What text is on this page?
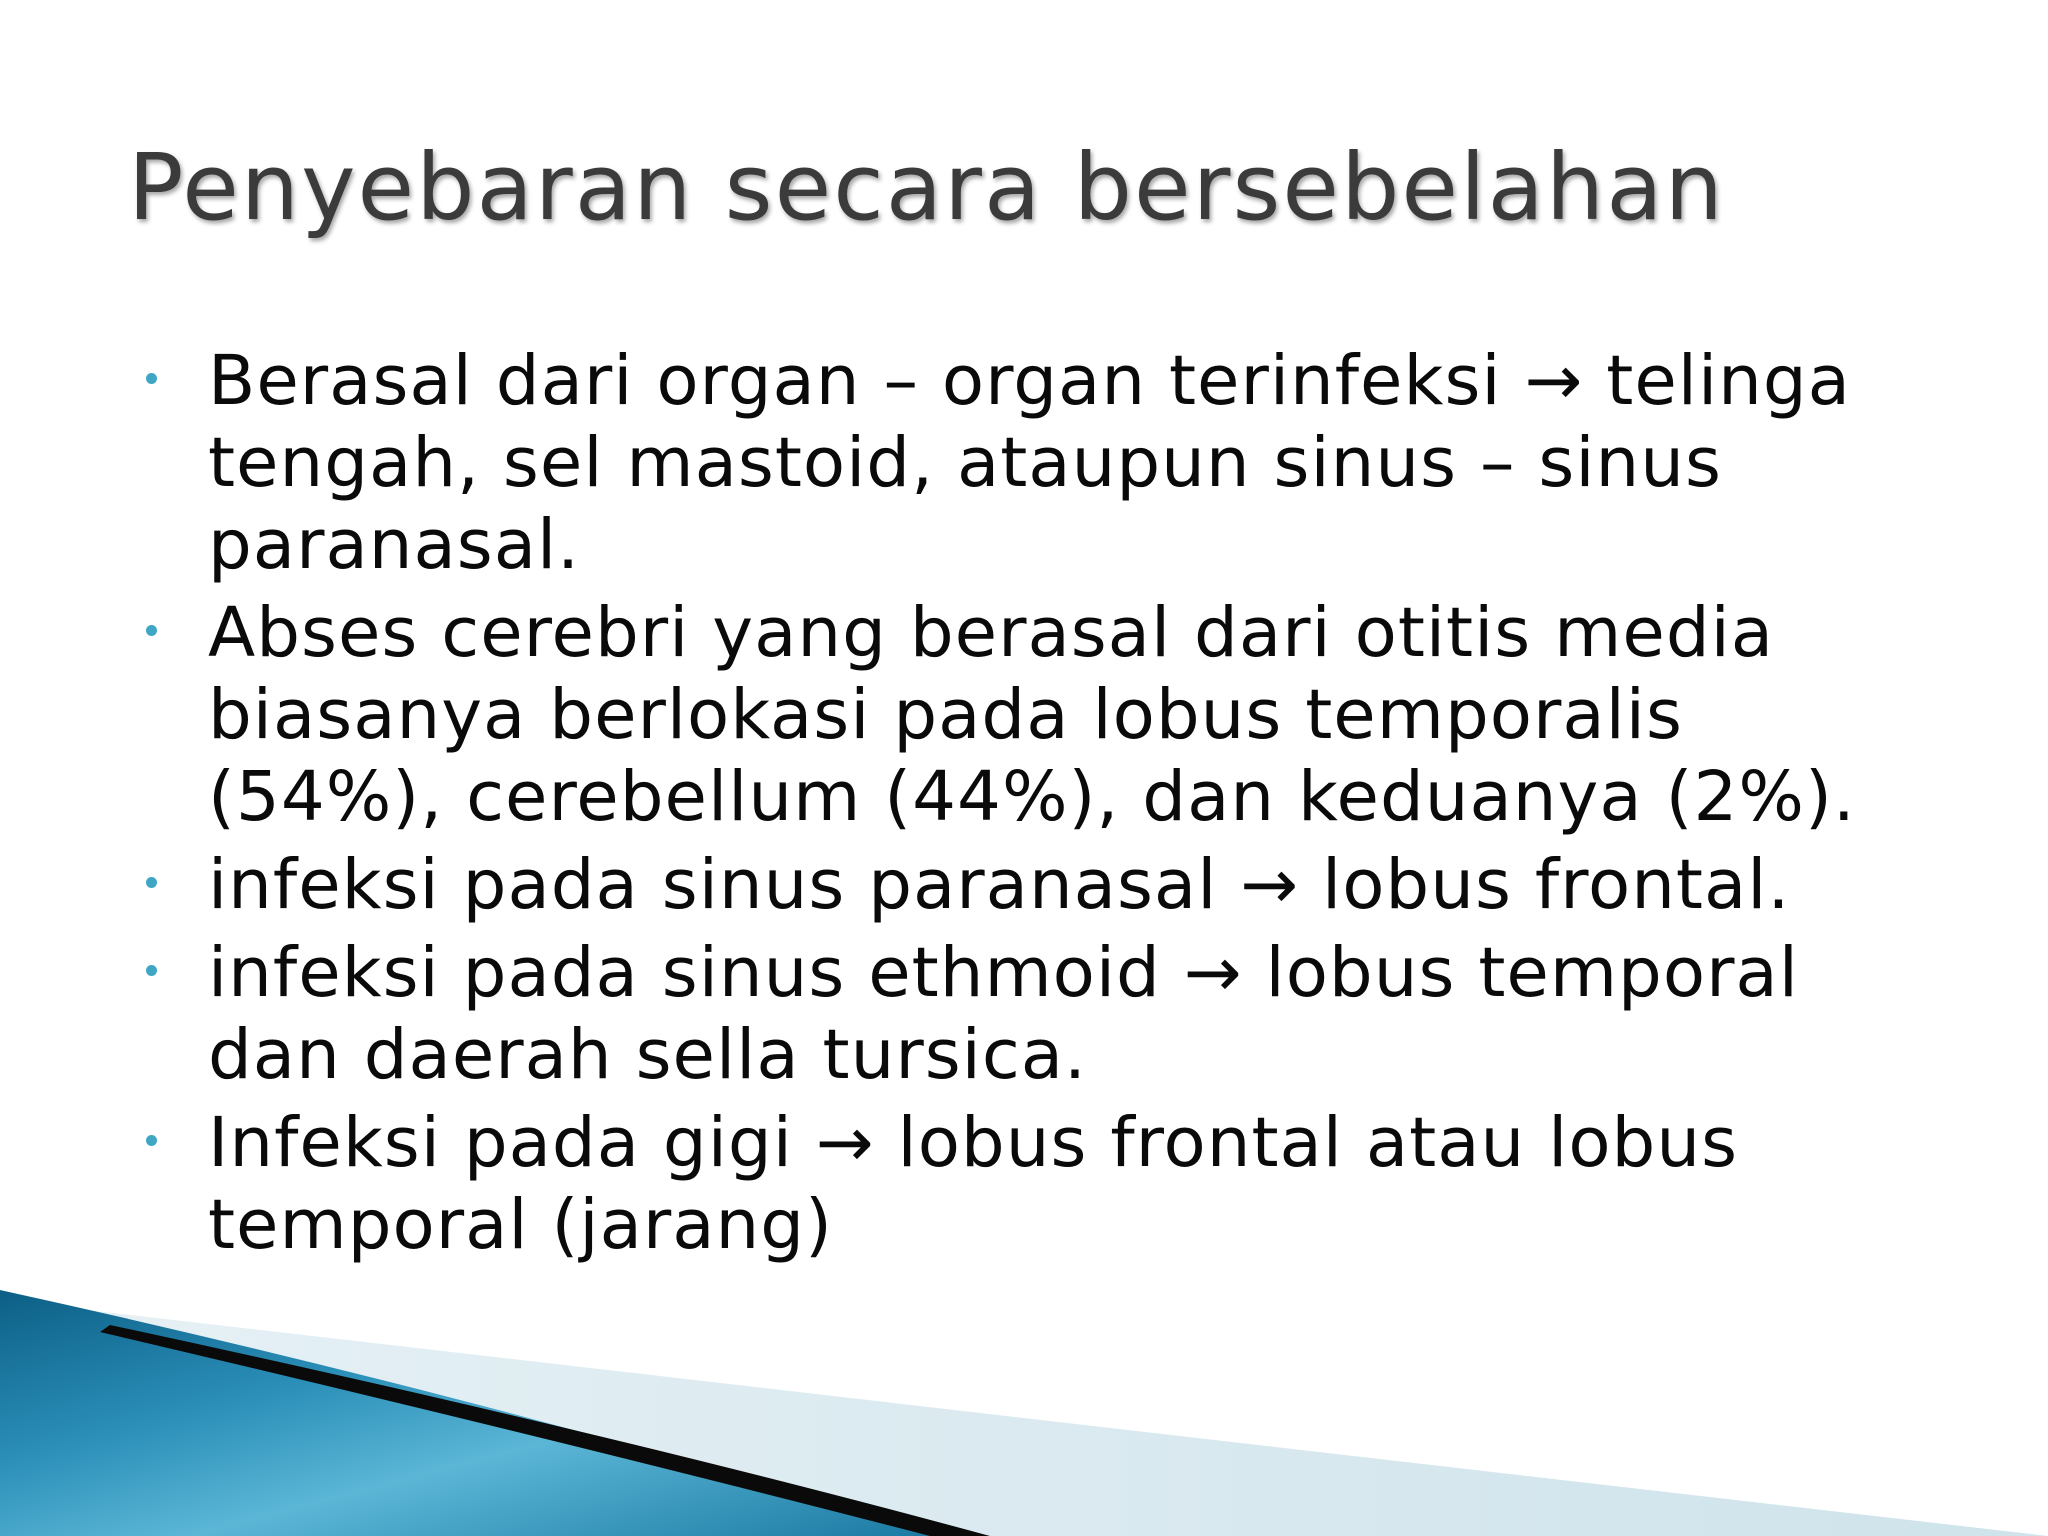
Penyebaran secara bersebelahan
Berasal dari organ – organ terinfeksi → telinga tengah, sel mastoid, ataupun sinus – sinus paranasal.
Abses cerebri yang berasal dari otitis media biasanya berlokasi pada lobus temporalis (54%), cerebellum (44%), dan keduanya (2%).
infeksi pada sinus paranasal → lobus frontal.
infeksi pada sinus ethmoid → lobus temporal dan daerah sella tursica.
Infeksi pada gigi → lobus frontal atau lobus temporal (jarang)
